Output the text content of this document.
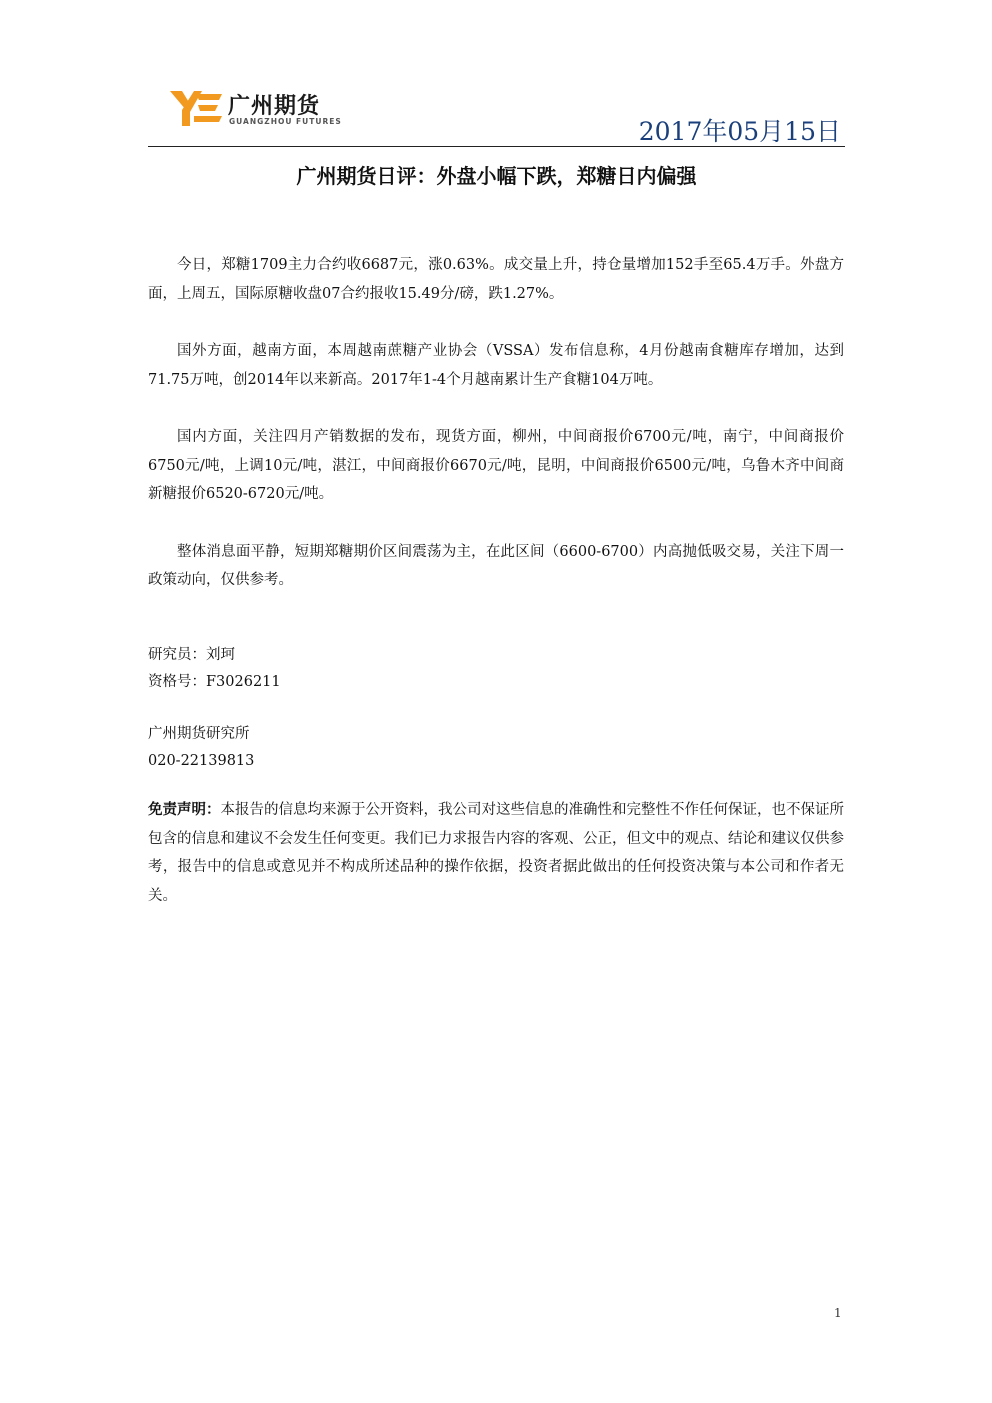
广州期货
GUANGZHOU FUTURES	2017年05月15日
广州期货日评：外盘小幅下跌，郑糖日内偏强

今日，郑糖1709主力合约收6687元，涨0.63%。成交量上升，持仓量增加152手至65.4万手。外盘方面，上周五，国际原糖收盘07合约报收15.49分/磅，跌1.27%。

国外方面，越南方面，本周越南蔗糖产业协会（VSSA）发布信息称，4月份越南食糖库存增加，达到71.75万吨，创2014年以来新高。2017年1-4个月越南累计生产食糖104万吨。

国内方面，关注四月产销数据的发布，现货方面，柳州，中间商报价6700元/吨，南宁，中间商报价6750元/吨，上调10元/吨，湛江，中间商报价6670元/吨，昆明，中间商报价6500元/吨，乌鲁木齐中间商新糖报价6520-6720元/吨。

整体消息面平静，短期郑糖期价区间震荡为主，在此区间（6600-6700）内高抛低吸交易，关注下周一政策动向，仅供参考。

研究员：刘珂
资格号：F3026211
广州期货研究所
020-22139813
免责声明：本报告的信息均来源于公开资料，我公司对这些信息的准确性和完整性不作任何保证，也不保证所包含的信息和建议不会发生任何变更。我们已力求报告内容的客观、公正，但文中的观点、结论和建议仅供参考，报告中的信息或意见并不构成所述品种的操作依据，投资者据此做出的任何投资决策与本公司和作者无关。
1
